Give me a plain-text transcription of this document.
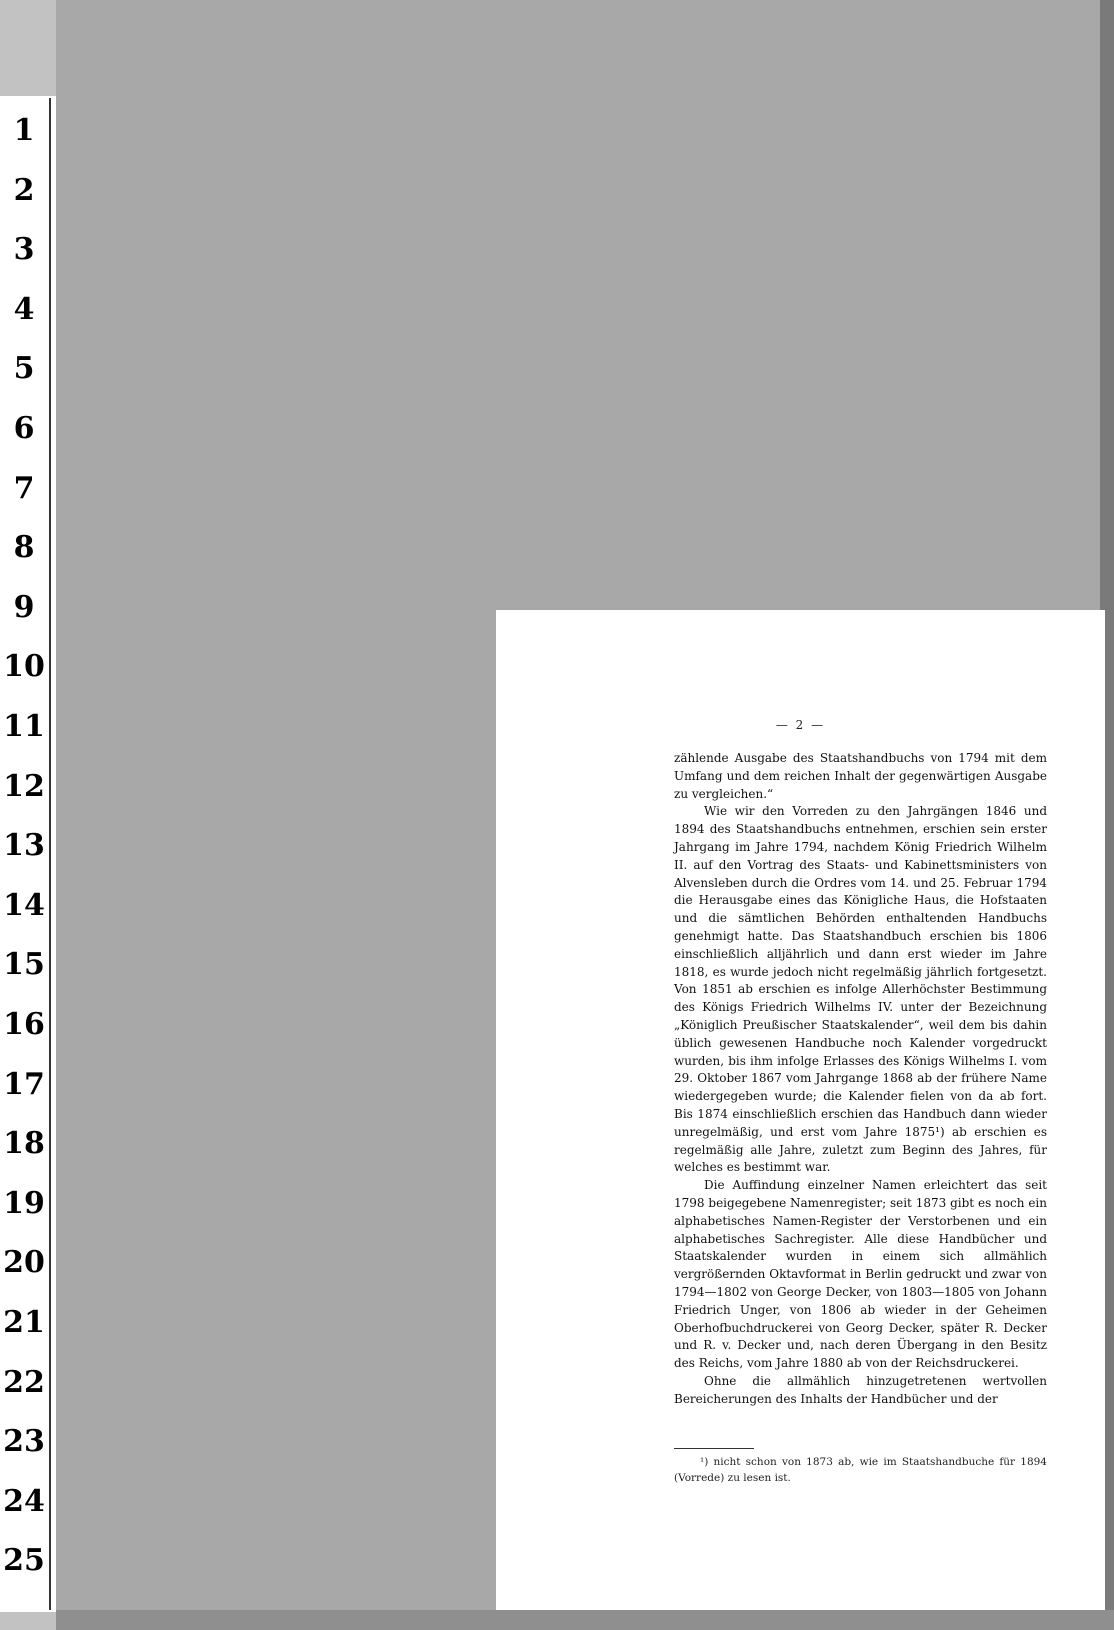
1
2
3
4
5
6
7
8
9
10
11
12
13
14
15
16
17
18
19
20
21
22
23
24
25
— 2 —

zählende Ausgabe des Staatshandbuchs von 1794 mit dem Umfang und dem reichen Inhalt der gegenwärtigen Ausgabe zu vergleichen.“

Wie wir den Vorreden zu den Jahrgängen 1846 und 1894 des Staatshandbuchs entnehmen, erschien sein erster Jahrgang im Jahre 1794, nachdem König Friedrich Wilhelm II. auf den Vortrag des Staats- und Kabinettsministers von Alvensleben durch die Ordres vom 14. und 25. Februar 1794 die Herausgabe eines das Königliche Haus, die Hofstaaten und die sämtlichen Behörden enthaltenden Handbuchs genehmigt hatte. Das Staatshandbuch erschien bis 1806 einschließlich alljährlich und dann erst wieder im Jahre 1818, es wurde jedoch nicht regelmäßig jährlich fortgesetzt. Von 1851 ab erschien es infolge Allerhöchster Bestimmung des Königs Friedrich Wilhelms IV. unter der Bezeichnung „Königlich Preußischer Staatskalender“, weil dem bis dahin üblich gewesenen Handbuche noch Kalender vorgedruckt wurden, bis ihm infolge Erlasses des Königs Wilhelms I. vom 29. Oktober 1867 vom Jahrgange 1868 ab der frühere Name wiedergegeben wurde; die Kalender fielen von da ab fort. Bis 1874 einschließlich erschien das Handbuch dann wieder unregelmäßig, und erst vom Jahre 1875¹) ab erschien es regelmäßig alle Jahre, zuletzt zum Beginn des Jahres, für welches es bestimmt war.

Die Auffindung einzelner Namen erleichtert das seit 1798 beigegebene Namenregister; seit 1873 gibt es noch ein alphabetisches Namen-Register der Verstorbenen und ein alphabetisches Sachregister. Alle diese Handbücher und Staatskalender wurden in einem sich allmählich vergrößernden Oktavformat in Berlin gedruckt und zwar von 1794—1802 von George Decker, von 1803—1805 von Johann Friedrich Unger, von 1806 ab wieder in der Geheimen Oberhofbuchdruckerei von Georg Decker, später R. Decker und R. v. Decker und, nach deren Übergang in den Besitz des Reichs, vom Jahre 1880 ab von der Reichsdruckerei.

Ohne die allmählich hinzugetretenen wertvollen Bereicherungen des Inhalts der Handbücher und der

¹) nicht schon von 1873 ab, wie im Staatshandbuche für 1894 (Vorrede) zu lesen ist.
